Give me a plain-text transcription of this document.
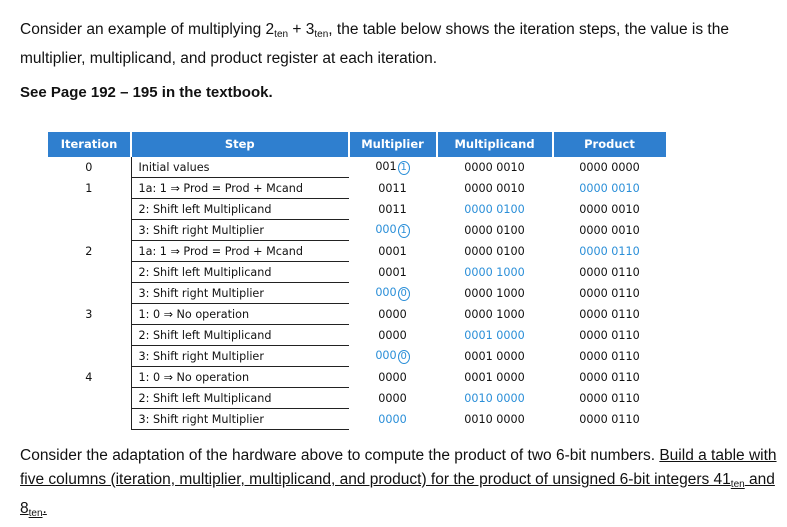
Consider an example of multiplying $2_{ten} + 3_{ten}$, the table below shows the iteration steps, the value is the multiplier, multiplicand, and product register at each iteration.
See Page 192 – 195 in the textbook.
Iteration	Step	Multiplier	Multiplicand	Product
0	Initial values	001 1	0000 0010	0000 0000
1	1a: 1 ⇒ Prod = Prod + Mcand	0011	0000 0010	0000 0010
	2: Shift left Multiplicand	0011	0000 0100	0000 0010
	3: Shift right Multiplier	000 1	0000 0100	0000 0010
2	1a: 1 ⇒ Prod = Prod + Mcand	0001	0000 0100	0000 0110
	2: Shift left Multiplicand	0001	0000 1000	0000 0110
	3: Shift right Multiplier	000 0	0000 1000	0000 0110
3	1: 0 ⇒ No operation	0000	0000 1000	0000 0110
	2: Shift left Multiplicand	0000	0001 0000	0000 0110
	3: Shift right Multiplier	000 0	0001 0000	0000 0110
4	1: 0 ⇒ No operation	0000	0001 0000	0000 0110
	2: Shift left Multiplicand	0000	0010 0000	0000 0110
	3: Shift right Multiplier	0000	0010 0000	0000 0110
Consider the adaptation of the hardware above to compute the product of two 6-bit numbers. Build a table with five columns (iteration, multiplier, multiplicand, and product) for the product of unsigned 6-bit integers $41_{ten}$ and $8_{ten}$.
